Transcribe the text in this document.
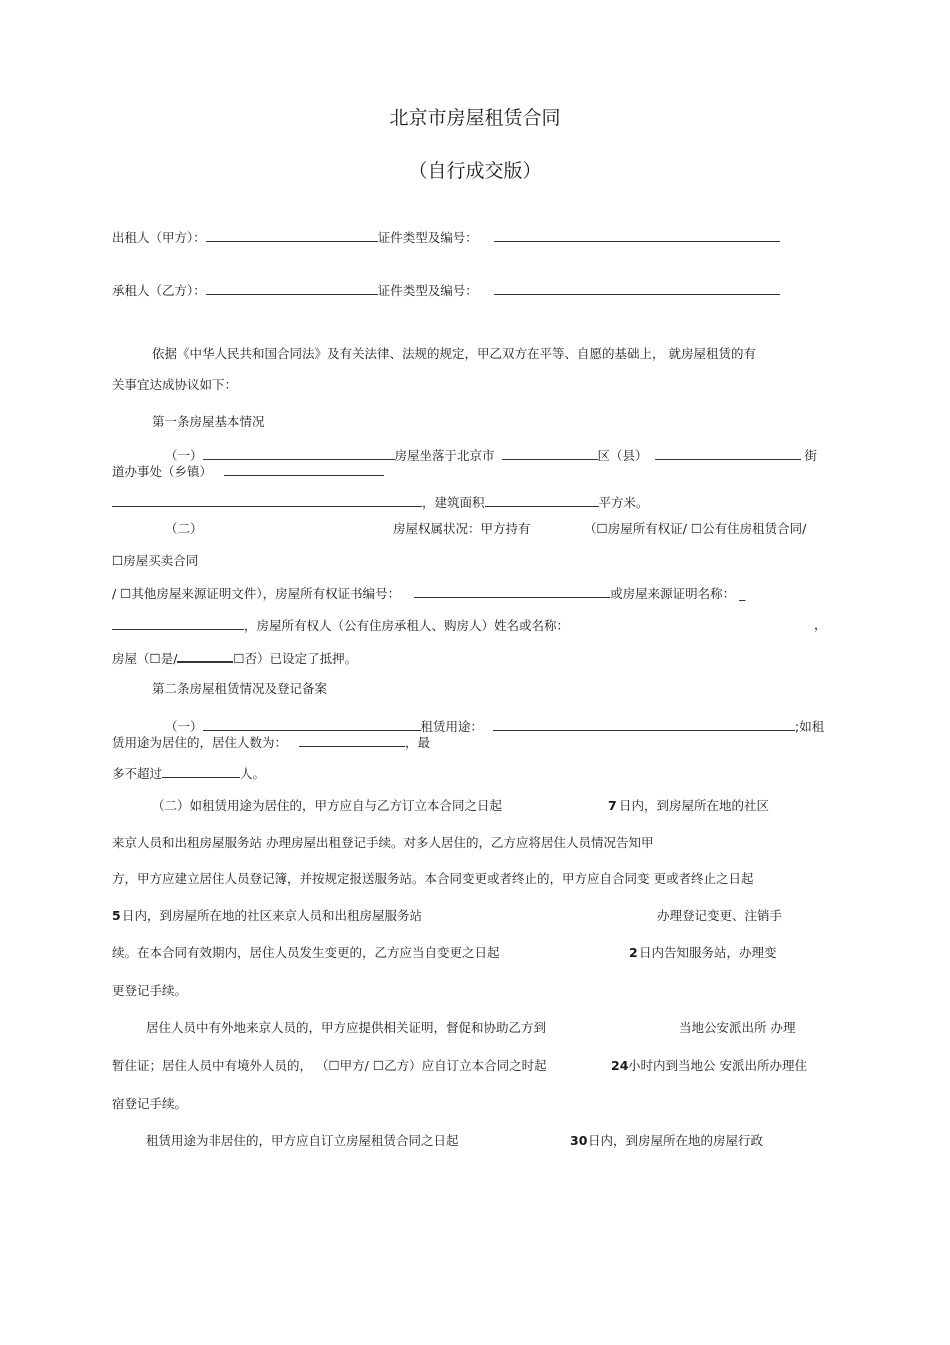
北京市房屋租赁合同
（自行成交版）
出租人（甲方）：	证件类型及编号：
承租人（乙方）：	证件类型及编号：
依据《中华人民共和国合同法》及有关法律、法规的规定，甲乙双方在平等、自愿的基础上， 就房屋租赁的有
关事宜达成协议如下：
第一条房屋基本情况
（一）	房屋坐落于北京市	区（县）	街
道办事处（乡镇）
，建筑面积	平方米。
（二）	房屋权属状况：甲方持有	（☐房屋所有权证/ ☐公有住房租赁合同/
☐房屋买卖合同
/ ☐其他房屋来源证明文件），房屋所有权证书编号：	或房屋来源证明名称： _
，房屋所有权人（公有住房承租人、购房人）姓名或名称：	，
房屋（☐是/	☐否）已设定了抵押。
第二条房屋租赁情况及登记备案
（一）	租赁用途：	;如租
赁用途为居住的，居住人数为：	，最
多不超过	人。
（二）如租赁用途为居住的，甲方应自与乙方订立本合同之日起	7 日内，到房屋所在地的社区
来京人员和出租房屋服务站 办理房屋出租登记手续。对多人居住的，乙方应将居住人员情况告知甲
方，甲方应建立居住人员登记簿，并按规定报送服务站。本合同变更或者终止的，甲方应自合同变 更或者终止之日起
5 日内，到房屋所在地的社区来京人员和出租房屋服务站	办理登记变更、注销手
续。在本合同有效期内，居住人员发生变更的，乙方应当自变更之日起	2 日内告知服务站，办理变
更登记手续。
居住人员中有外地来京人员的，甲方应提供相关证明，督促和协助乙方到	当地公安派出所 办理
暂住证；居住人员中有境外人员的， （☐甲方/ ☐乙方）应自订立本合同之时起	24 小时内到当地公 安派出所办理住
宿登记手续。
租赁用途为非居住的，甲方应自订立房屋租赁合同之日起	30 日内，到房屋所在地的房屋行政
